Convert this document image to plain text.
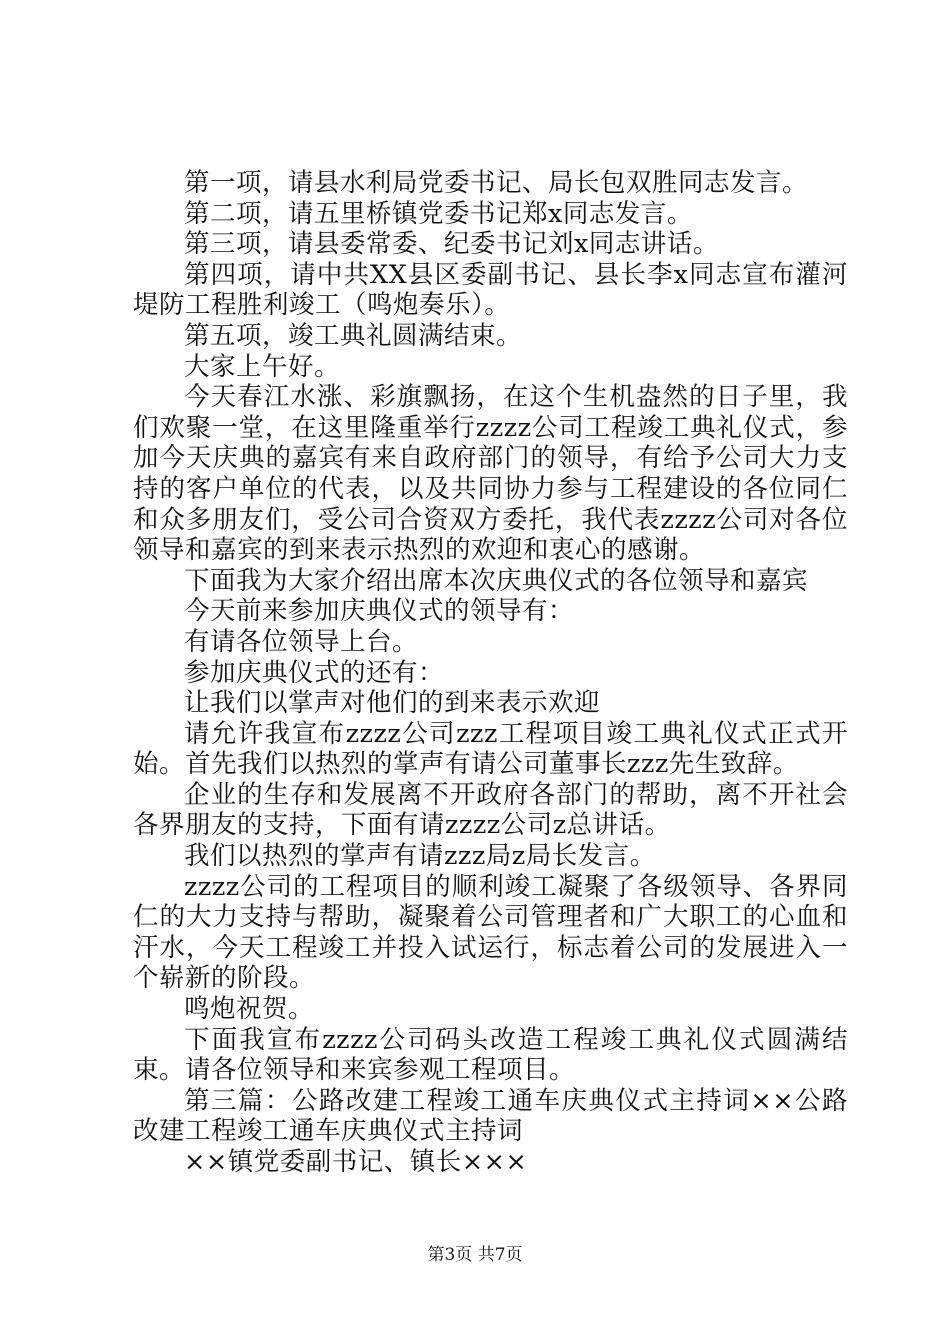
第一项，请县水利局党委书记、局长包双胜同志发言。

第二项，请五里桥镇党委书记郑x同志发言。

第三项，请县委常委、纪委书记刘x同志讲话。

第四项，请中共XX县区委副书记、县长李x同志宣布灌河堤防工程胜利竣工（鸣炮奏乐）。

第五项，竣工典礼圆满结束。

大家上午好。

今天春江水涨、彩旗飘扬，在这个生机盎然的日子里，我们欢聚一堂，在这里隆重举行zzzz公司工程竣工典礼仪式，参加今天庆典的嘉宾有来自政府部门的领导，有给予公司大力支持的客户单位的代表，以及共同协力参与工程建设的各位同仁和众多朋友们，受公司合资双方委托，我代表zzzz公司对各位领导和嘉宾的到来表示热烈的欢迎和衷心的感谢。

下面我为大家介绍出席本次庆典仪式的各位领导和嘉宾

今天前来参加庆典仪式的领导有：

有请各位领导上台。

参加庆典仪式的还有：

让我们以掌声对他们的到来表示欢迎

请允许我宣布zzzz公司zzz工程项目竣工典礼仪式正式开始。首先我们以热烈的掌声有请公司董事长zzz先生致辞。

企业的生存和发展离不开政府各部门的帮助，离不开社会各界朋友的支持，下面有请zzzz公司z总讲话。

我们以热烈的掌声有请zzz局z局长发言。

zzzz公司的工程项目的顺利竣工凝聚了各级领导、各界同仁的大力支持与帮助，凝聚着公司管理者和广大职工的心血和汗水，今天工程竣工并投入试运行，标志着公司的发展进入一个崭新的阶段。

鸣炮祝贺。

下面我宣布zzzz公司码头改造工程竣工典礼仪式圆满结束。请各位领导和来宾参观工程项目。

第三篇：公路改建工程竣工通车庆典仪式主持词××公路改建工程竣工通车庆典仪式主持词

××镇党委副书记、镇长×××

第3页 共7页
